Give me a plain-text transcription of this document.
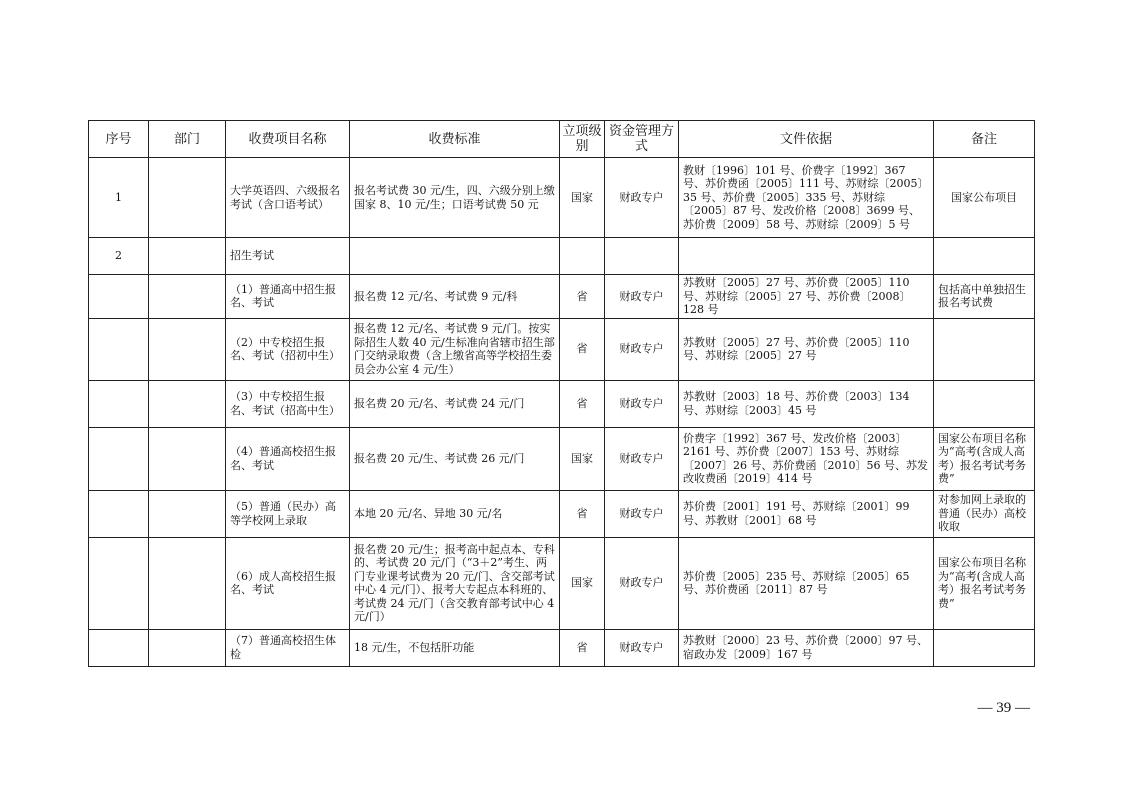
序号	部门	收费项目名称	收费标准	立项级别	资金管理方式	文件依据	备注
1		大学英语四、六级报名考试（含口语考试）	报名考试费 30 元/生，四、六级分别上缴国家 8、10 元/生；口语考试费 50 元	国家	财政专户	教财〔1996〕101 号、价费字〔1992〕367 号、苏价费函〔2005〕111 号、苏财综〔2005〕35 号、苏价费〔2005〕335 号、苏财综〔2005〕87 号、发改价格〔2008〕3699 号、苏价费〔2009〕58 号、苏财综〔2009〕5 号	国家公布项目
2		招生考试					
		（1）普通高中招生报名、考试	报名费 12 元/名、考试费 9 元/科	省	财政专户	苏教财〔2005〕27 号、苏价费〔2005〕110 号、苏财综〔2005〕27 号、苏价费〔2008〕128 号	包括高中单独招生报名考试费
		（2）中专校招生报名、考试（招初中生）	报名费 12 元/名、考试费 9 元/门。按实际招生人数 40 元/生标准向省辖市招生部门交纳录取费（含上缴省高等学校招生委员会办公室 4 元/生）	省	财政专户	苏教财〔2005〕27 号、苏价费〔2005〕110 号、苏财综〔2005〕27 号	
		（3）中专校招生报名、考试（招高中生）	报名费 20 元/名、考试费 24 元/门	省	财政专户	苏教财〔2003〕18 号、苏价费〔2003〕134 号、苏财综〔2003〕45 号	
		（4）普通高校招生报名、考试	报名费 20 元/生、考试费 26 元/门	国家	财政专户	价费字〔1992〕367 号、发改价格〔2003〕2161 号、苏价费〔2007〕153 号、苏财综〔2007〕26 号、苏价费函〔2010〕56 号、苏发改收费函〔2019〕414 号	国家公布项目名称为“高考(含成人高考）报名考试考务费”
		（5）普通（民办）高等学校网上录取	本地 20 元/名、异地 30 元/名	省	财政专户	苏价费〔2001〕191 号、苏财综〔2001〕99 号、苏教财〔2001〕68 号	对参加网上录取的普通（民办）高校收取
		（6）成人高校招生报名、考试	报名费 20 元/生；报考高中起点本、专科的、考试费 20 元/门（“3＋2”考生、两门专业课考试费为 20 元/门、含交部考试中心 4 元/门）、报考大专起点本科班的、考试费 24 元/门（含交教育部考试中心 4 元/门）	国家	财政专户	苏价费〔2005〕235 号、苏财综〔2005〕65 号、苏价费函〔2011〕87 号	国家公布项目名称为“高考(含成人高考）报名考试考务费”
		（7）普通高校招生体检	18 元/生，不包括肝功能	省	财政专户	苏教财〔2000〕23 号、苏价费〔2000〕97 号、宿政办发〔2009〕167 号	
— 39 —
